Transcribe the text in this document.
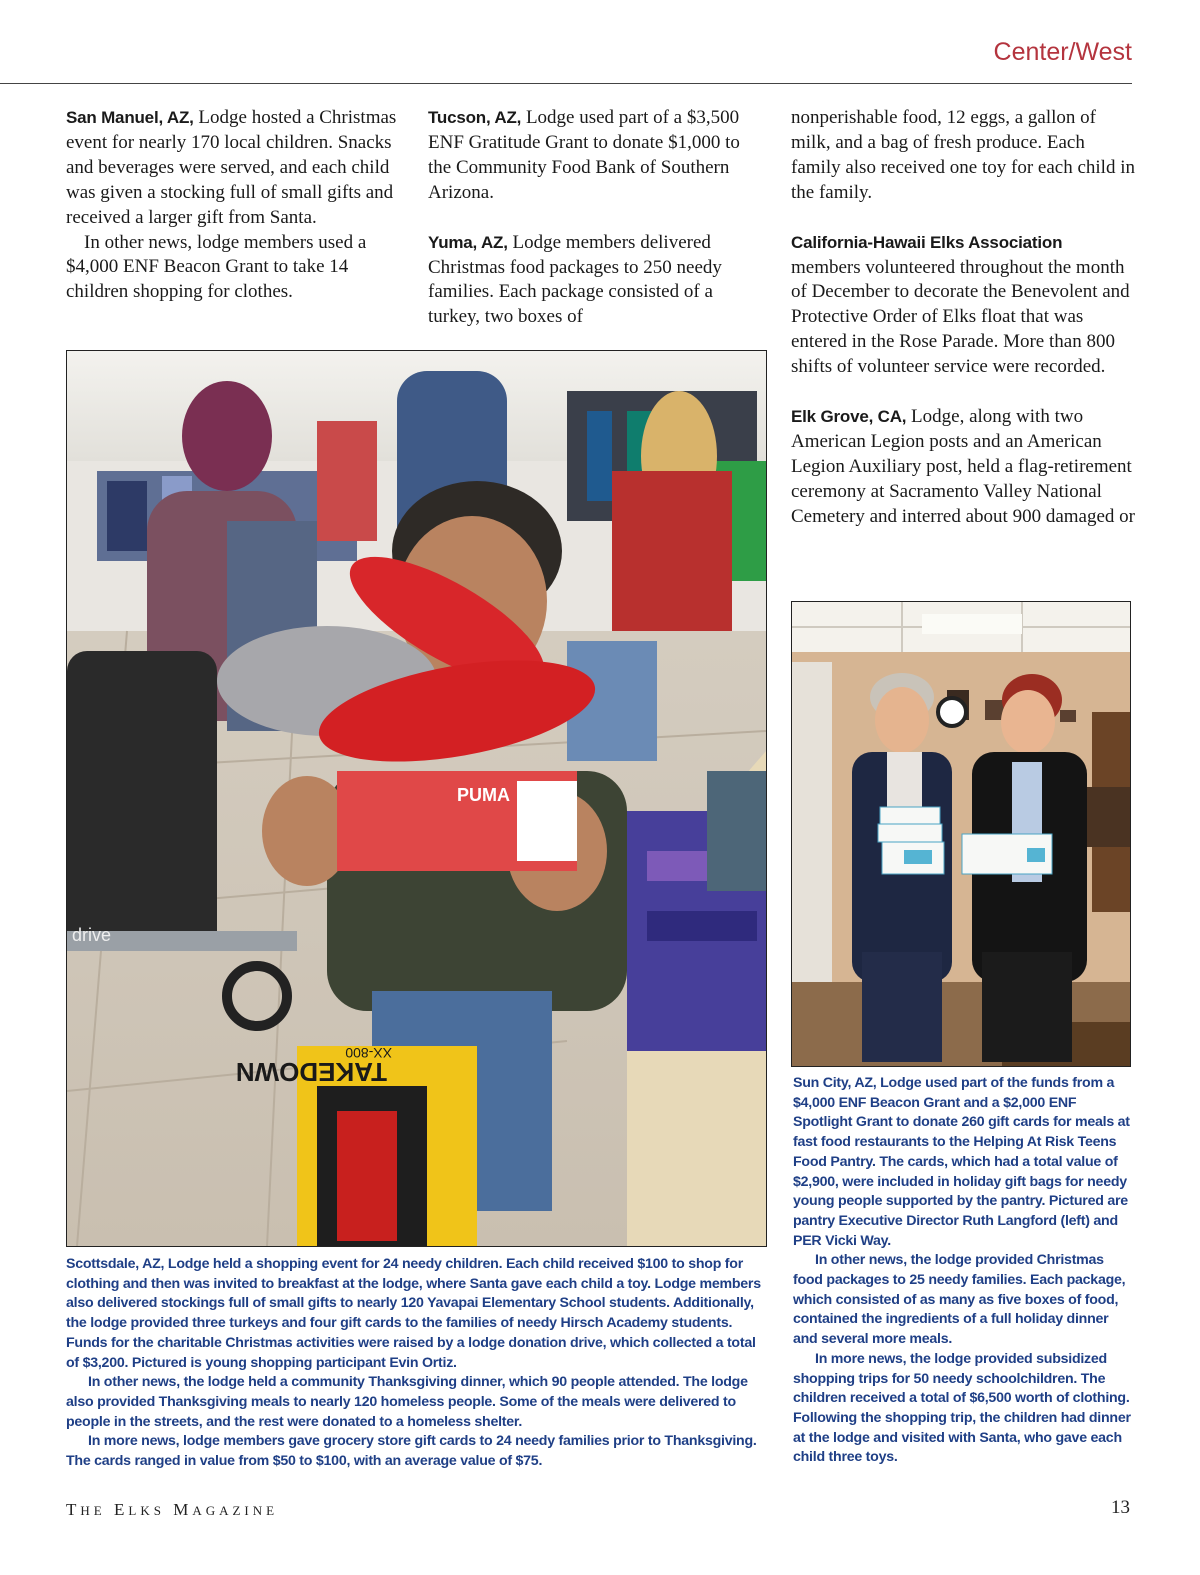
Center/West

San Manuel, AZ, Lodge hosted a Christmas event for nearly 170 local children. Snacks and beverages were served, and each child was given a stocking full of small gifts and received a larger gift from Santa.

In other news, lodge members used a $4,000 ENF Beacon Grant to take 14 children shopping for clothes.

Tucson, AZ, Lodge used part of a $3,500 ENF Gratitude Grant to donate $1,000 to the Community Food Bank of Southern Arizona.

Yuma, AZ, Lodge members delivered Christmas food packages to 250 needy families. Each package consisted of a turkey, two boxes of

nonperishable food, 12 eggs, a gallon of milk, and a bag of fresh produce. Each family also received one toy for each child in the family.

California-Hawaii Elks Association members volunteered throughout the month of December to decorate the Benevolent and Protective Order of Elks float that was entered in the Rose Parade. More than 800 shifts of volunteer service were recorded.

Elk Grove, CA, Lodge, along with two American Legion posts and an American Legion Auxiliary post, held a flag-retirement ceremony at Sacramento Valley National Cemetery and interred about 900 damaged or

drive
PUMA
TAKEDOWN
XX-800

Scottsdale, AZ, Lodge held a shopping event for 24 needy children. Each child received $100 to shop for clothing and then was invited to breakfast at the lodge, where Santa gave each child a toy. Lodge members also delivered stockings full of small gifts to nearly 120 Yavapai Elementary School students. Additionally, the lodge provided three turkeys and four gift cards to the families of needy Hirsch Academy students. Funds for the charitable Christmas activities were raised by a lodge donation drive, which collected a total of $3,200. Pictured is young shopping participant Evin Ortiz.

In other news, the lodge held a community Thanksgiving dinner, which 90 people attended. The lodge also provided Thanksgiving meals to nearly 120 homeless people. Some of the meals were delivered to people in the streets, and the rest were donated to a homeless shelter.

In more news, lodge members gave grocery store gift cards to 24 needy families prior to Thanksgiving. The cards ranged in value from $50 to $100, with an average value of $75.

Sun City, AZ, Lodge used part of the funds from a $4,000 ENF Beacon Grant and a $2,000 ENF Spotlight Grant to donate 260 gift cards for meals at fast food restaurants to the Helping At Risk Teens Food Pantry. The cards, which had a total value of $2,900, were included in holiday gift bags for needy young people supported by the pantry. Pictured are pantry Executive Director Ruth Langford (left) and PER Vicki Way.

In other news, the lodge provided Christmas food packages to 25 needy families. Each package, which consisted of as many as five boxes of food, contained the ingredients of a full holiday dinner and several more meals.

In more news, the lodge provided subsidized shopping trips for 50 needy schoolchildren. The children received a total of $6,500 worth of clothing. Following the shopping trip, the children had dinner at the lodge and visited with Santa, who gave each child three toys.

THE ELKS MAGAZINE	13
